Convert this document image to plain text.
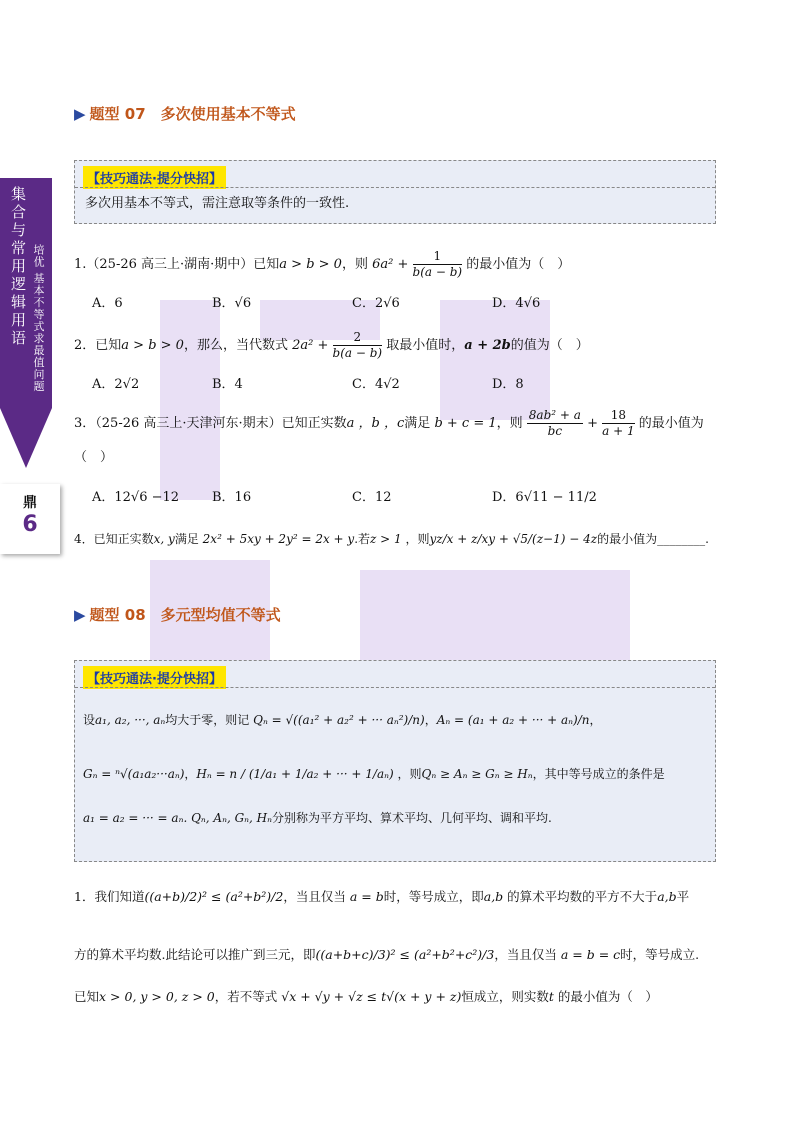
集合与常用逻辑用语 培优 基本不等式求最值问题
鼎
6
▶ 题型 07　多次使用基本不等式
【技巧通法·提分快招】
多次用基本不等式，需注意取等条件的一致性.
1.（25-26 高三上·湖南·期中）已知a > b > 0，则 $6a^2 + \frac{1}{b(a - b)}$ 的最小值为（　）
A．6	B．√6	C．2√6	D．4√6
2．已知a > b > 0，那么，当代数式 $2a^2 + \frac{2}{b(a - b)}$ 取最小值时，a + 2b的值为（　）
A．2√2	B．4	C．4√2	D．8
3．（25-26 高三上·天津河东·期末）已知正实数a ，b ，c满足 b + c = 1，则 $\frac{\text{8ab² + a}}{bc} + \frac{18}{a + 1}$ 的最小值为
（　）
A．12√6 −12	B．16	C．12	D．6√11 − 11/2
4．已知正实数x, y满足 2x² + 5xy + 2y² = 2x + y.若z > 1 ，则yz/x + z/xy + √5/(z−1) − 4z的最小值为________.
▶ 题型 08　多元型均值不等式
【技巧通法·提分快招】
设a₁, a₂, ···, aₙ均大于零，则记 Qₙ = √((a₁² + a₂² + ··· aₙ²)/n)，Aₙ = (a₁ + a₂ + ··· + aₙ)/n，
Gₙ = ⁿ√(a₁a₂···aₙ)，Hₙ = n / (1/a₁ + 1/a₂ + ··· + 1/aₙ) ，则Qₙ ≥ Aₙ ≥ Gₙ ≥ Hₙ，其中等号成立的条件是
a₁ = a₂ = ··· = aₙ. Qₙ, Aₙ, Gₙ, Hₙ分别称为平方平均、算术平均、几何平均、调和平均.
1．我们知道((a+b)/2)² ≤ (a²+b²)/2，当且仅当 a = b时，等号成立，即a,b 的算术平均数的平方不大于a,b平
方的算术平均数.此结论可以推广到三元，即((a+b+c)/3)² ≤ (a²+b²+c²)/3，当且仅当 a = b = c时，等号成立.
已知x > 0, y > 0, z > 0，若不等式 √x + √y + √z ≤ t√(x + y + z)恒成立，则实数t 的最小值为（　）
